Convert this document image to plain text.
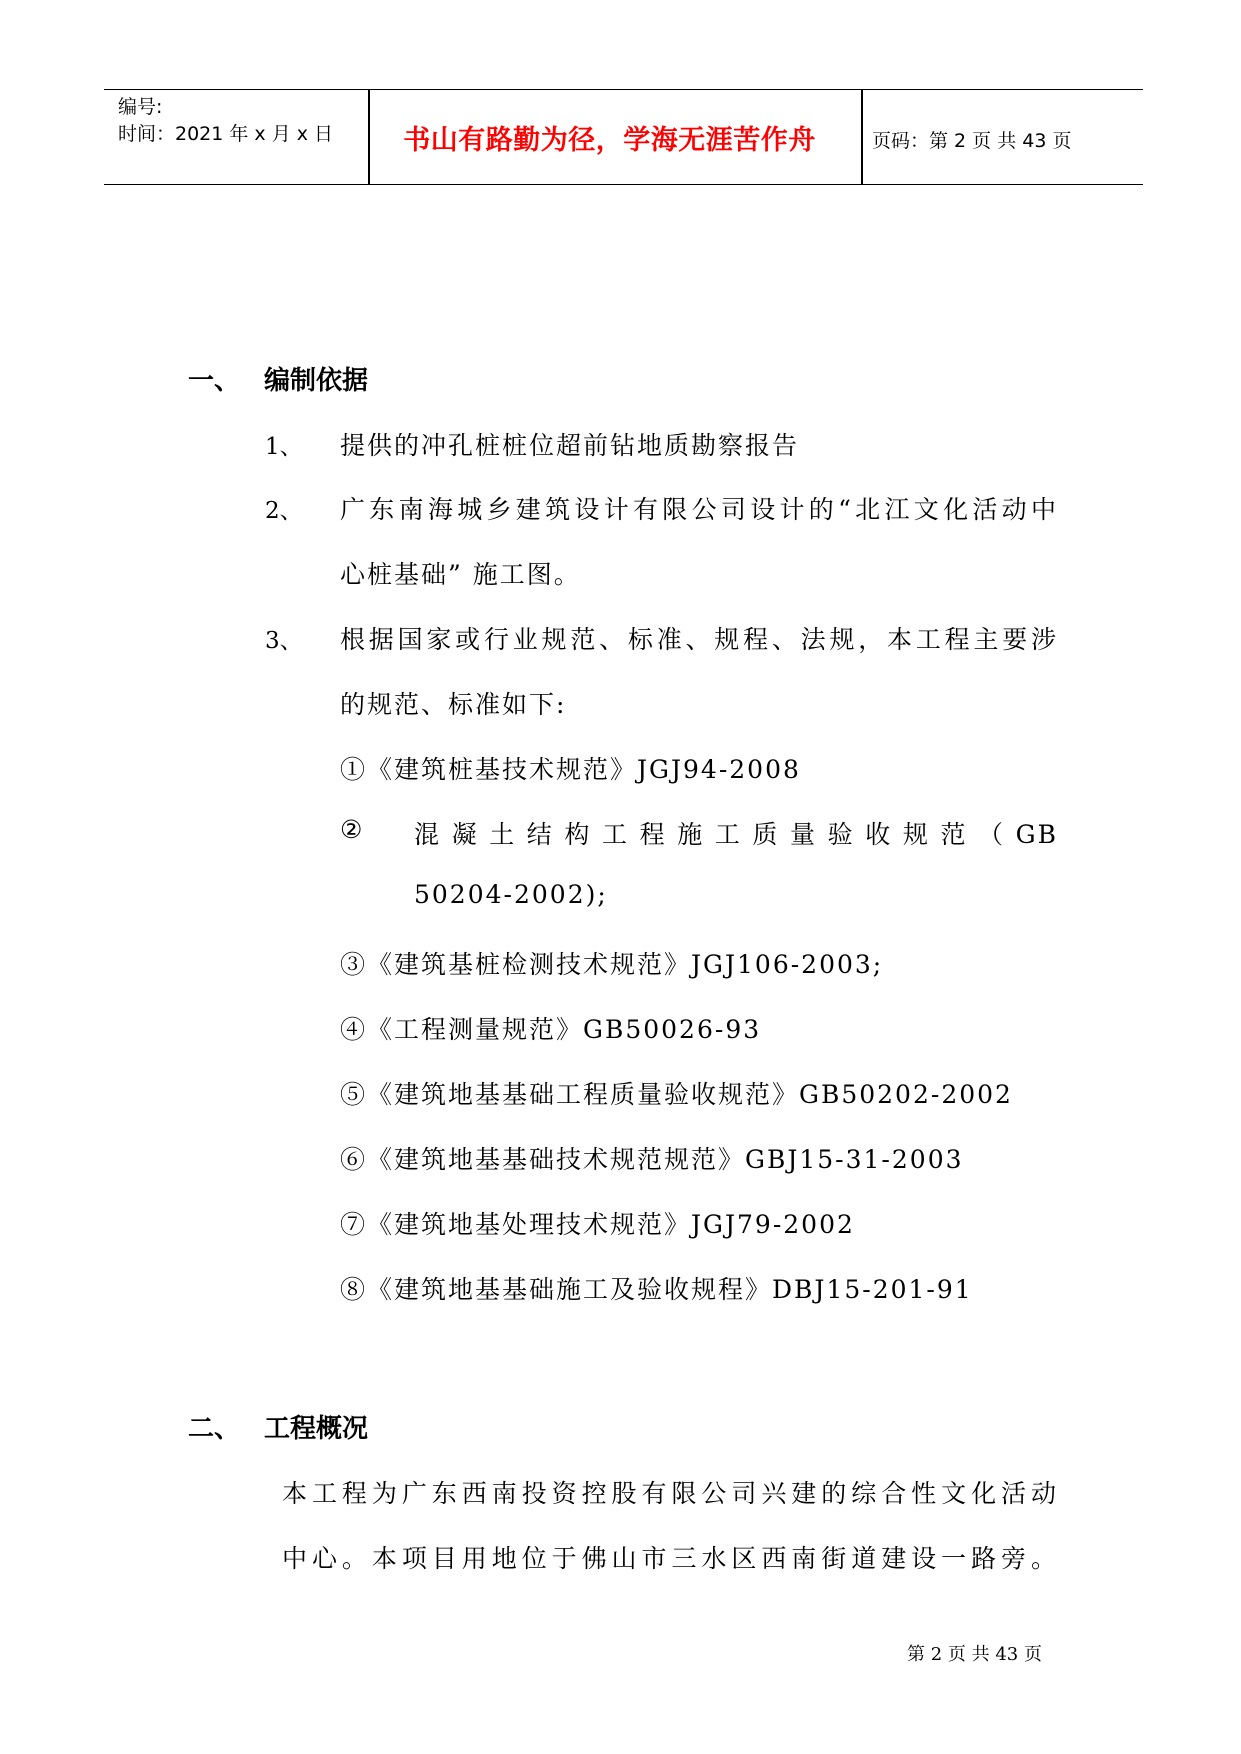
编号:
时间：2021 年 x 月 x 日	书山有路勤为径，学海无涯苦作舟	页码：第 2 页 共 43 页
一、 编制依据
1、 提供的冲孔桩桩位超前钻地质勘察报告
2、 广东南海城乡建筑设计有限公司设计的“北江文化活动中
心桩基础” 施工图。
3、 根据国家或行业规范、标准、规程、法规，本工程主要涉
的规范、标准如下:
①《建筑桩基技术规范》JGJ94-2008
② 混凝土结构工程施工质量验收规范（GB
50204-2002);
③《建筑基桩检测技术规范》JGJ106-2003;
④《工程测量规范》GB50026-93
⑤《建筑地基基础工程质量验收规范》GB50202-2002
⑥《建筑地基基础技术规范规范》GBJ15-31-2003
⑦《建筑地基处理技术规范》JGJ79-2002
⑧《建筑地基基础施工及验收规程》DBJ15-201-91
二、 工程概况
本工程为广东西南投资控股有限公司兴建的综合性文化活动
中心。本项目用地位于佛山市三水区西南街道建设一路旁。
第 2 页 共 43 页
